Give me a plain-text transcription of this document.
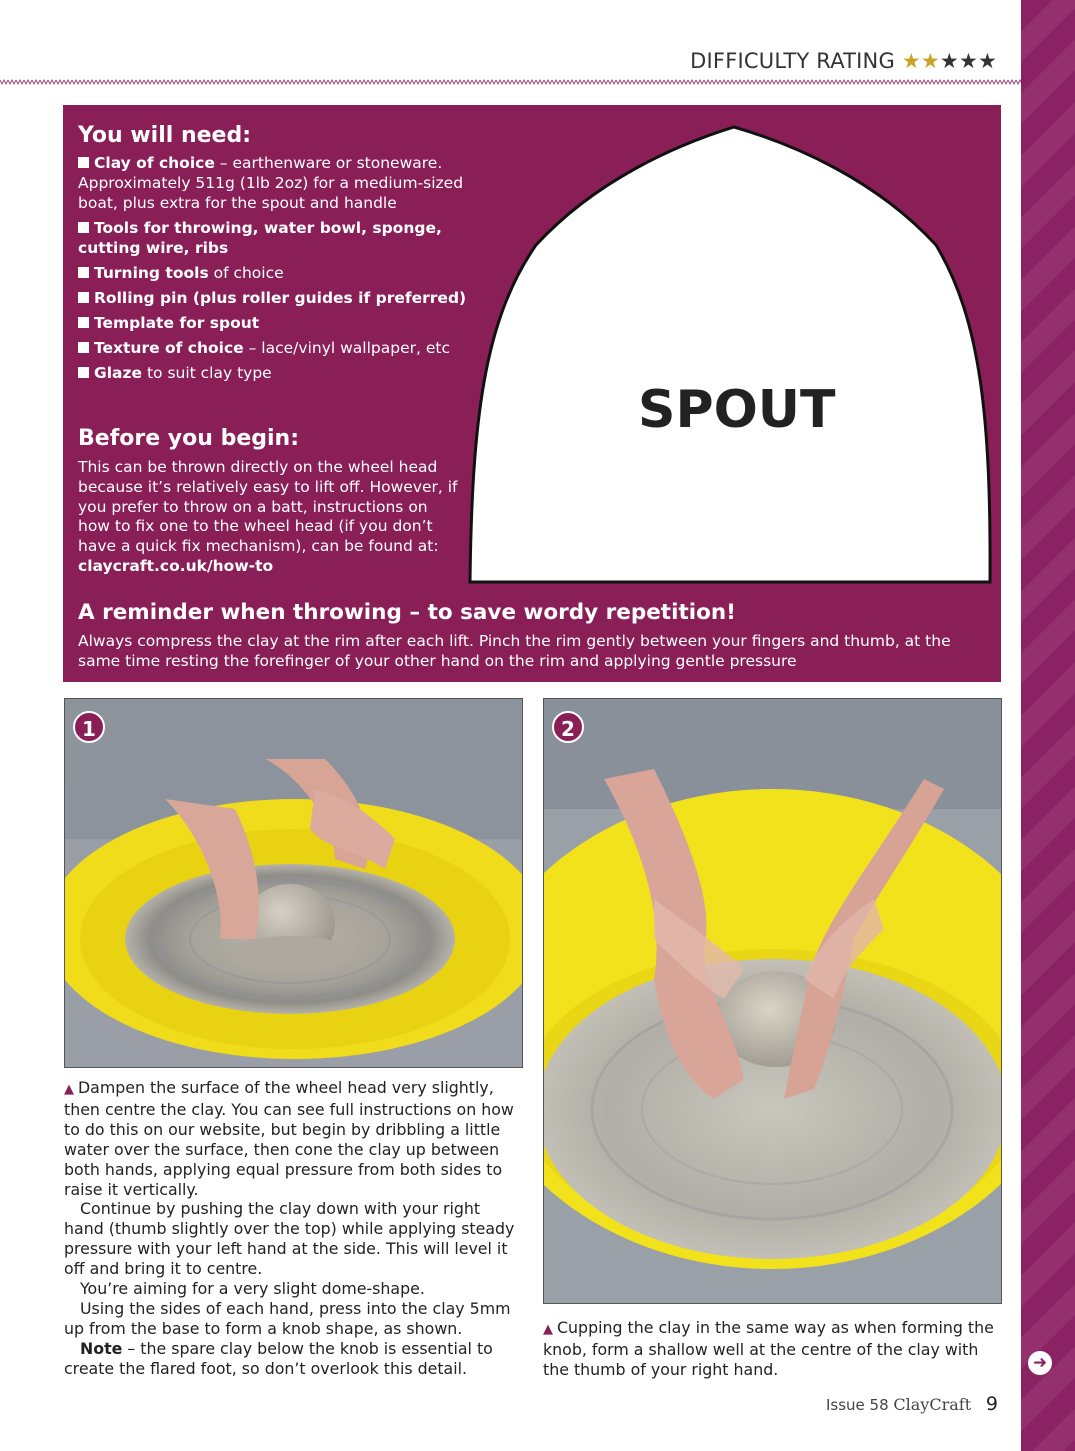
➜
DIFFICULTY RATING ★★★★★
You will need:
Clay of choice – earthenware or stoneware. Approximately 511g (1lb 2oz) for a medium-sized boat, plus extra for the spout and handle
Tools for throwing, water bowl, sponge, cutting wire, ribs
Turning tools of choice
Rolling pin (plus roller guides if preferred)
Template for spout
Texture of choice – lace/vinyl wallpaper, etc
Glaze to suit clay type
Before you begin:
This can be thrown directly on the wheel head because it’s relatively easy to lift off. However, if you prefer to throw on a batt, instructions on how to fix one to the wheel head (if you don’t have a quick fix mechanism), can be found at: claycraft.co.uk/how-to
SPOUT
A reminder when throwing – to save wordy repetition!
Always compress the clay at the rim after each lift. Pinch the rim gently between your fingers and thumb, at the same time resting the forefinger of your other hand on the rim and applying gentle pressure
1	2

▲ Dampen the surface of the wheel head very slightly, then centre the clay. You can see full instructions on how to do this on our website, but begin by dribbling a little water over the surface, then cone the clay up between both hands, applying equal pressure from both sides to raise it vertically.

Continue by pushing the clay down with your right hand (thumb slightly over the top) while applying steady pressure with your left hand at the side. This will level it off and bring it to centre.

You’re aiming for a very slight dome-shape.

Using the sides of each hand, press into the clay 5mm up from the base to form a knob shape, as shown.

Note – the spare clay below the knob is essential to create the flared foot, so don’t overlook this detail.

▲ Cupping the clay in the same way as when forming the knob, form a shallow well at the centre of the clay with the thumb of your right hand.

Issue 58 ClayCraft 9
